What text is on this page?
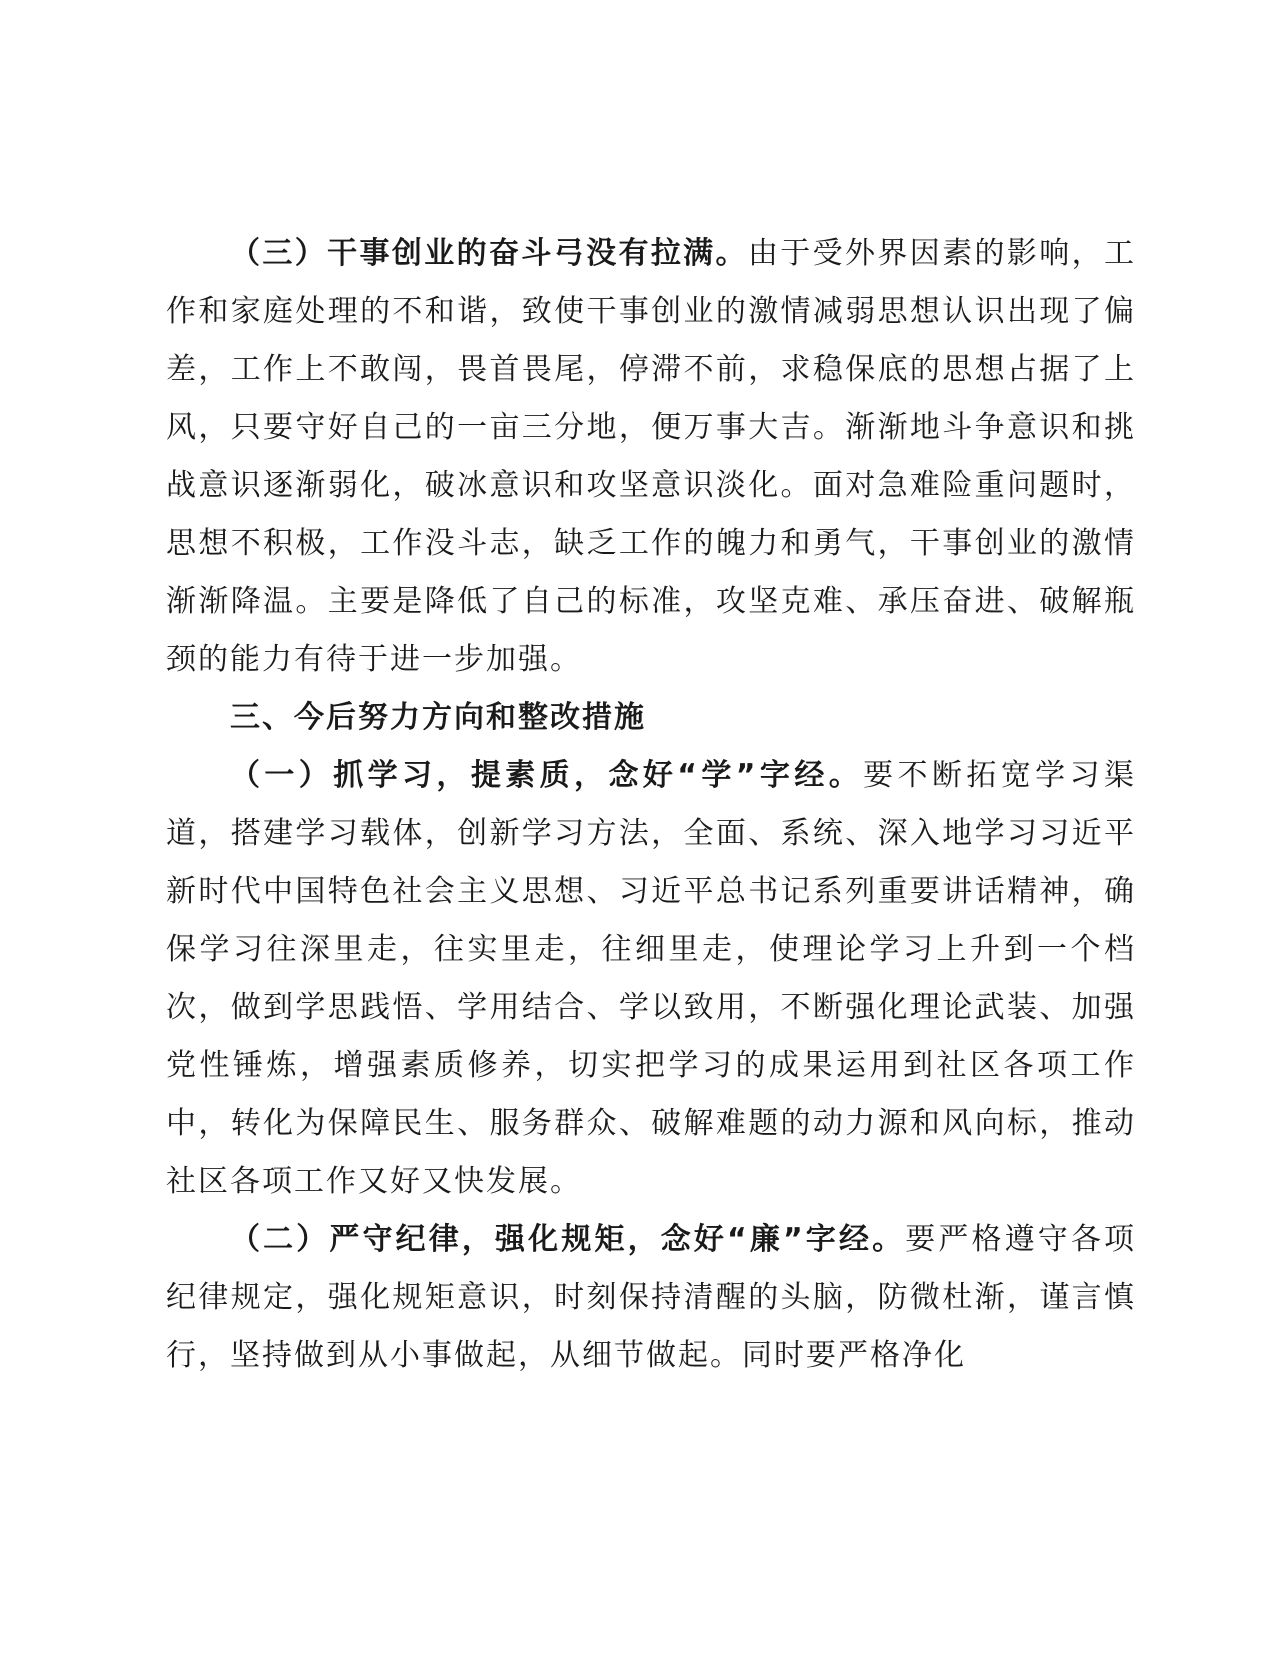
（三）干事创业的奋斗弓没有拉满。由于受外界因素的影响，工作和家庭处理的不和谐，致使干事创业的激情减弱思想认识出现了偏差，工作上不敢闯，畏首畏尾，停滞不前，求稳保底的思想占据了上风，只要守好自己的一亩三分地，便万事大吉。渐渐地斗争意识和挑战意识逐渐弱化，破冰意识和攻坚意识淡化。面对急难险重问题时，思想不积极，工作没斗志，缺乏工作的魄力和勇气，干事创业的激情渐渐降温。主要是降低了自己的标准，攻坚克难、承压奋进、破解瓶颈的能力有待于进一步加强。

三、今后努力方向和整改措施

（一）抓学习，提素质，念好“学”字经。要不断拓宽学习渠道，搭建学习载体，创新学习方法，全面、系统、深入地学习习近平新时代中国特色社会主义思想、习近平总书记系列重要讲话精神，确保学习往深里走，往实里走，往细里走，使理论学习上升到一个档次，做到学思践悟、学用结合、学以致用，不断强化理论武装、加强党性锤炼，增强素质修养，切实把学习的成果运用到社区各项工作中，转化为保障民生、服务群众、破解难题的动力源和风向标，推动社区各项工作又好又快发展。

（二）严守纪律，强化规矩，念好“廉”字经。要严格遵守各项纪律规定，强化规矩意识，时刻保持清醒的头脑，防微杜渐，谨言慎行，坚持做到从小事做起，从细节做起。同时要严格净化
